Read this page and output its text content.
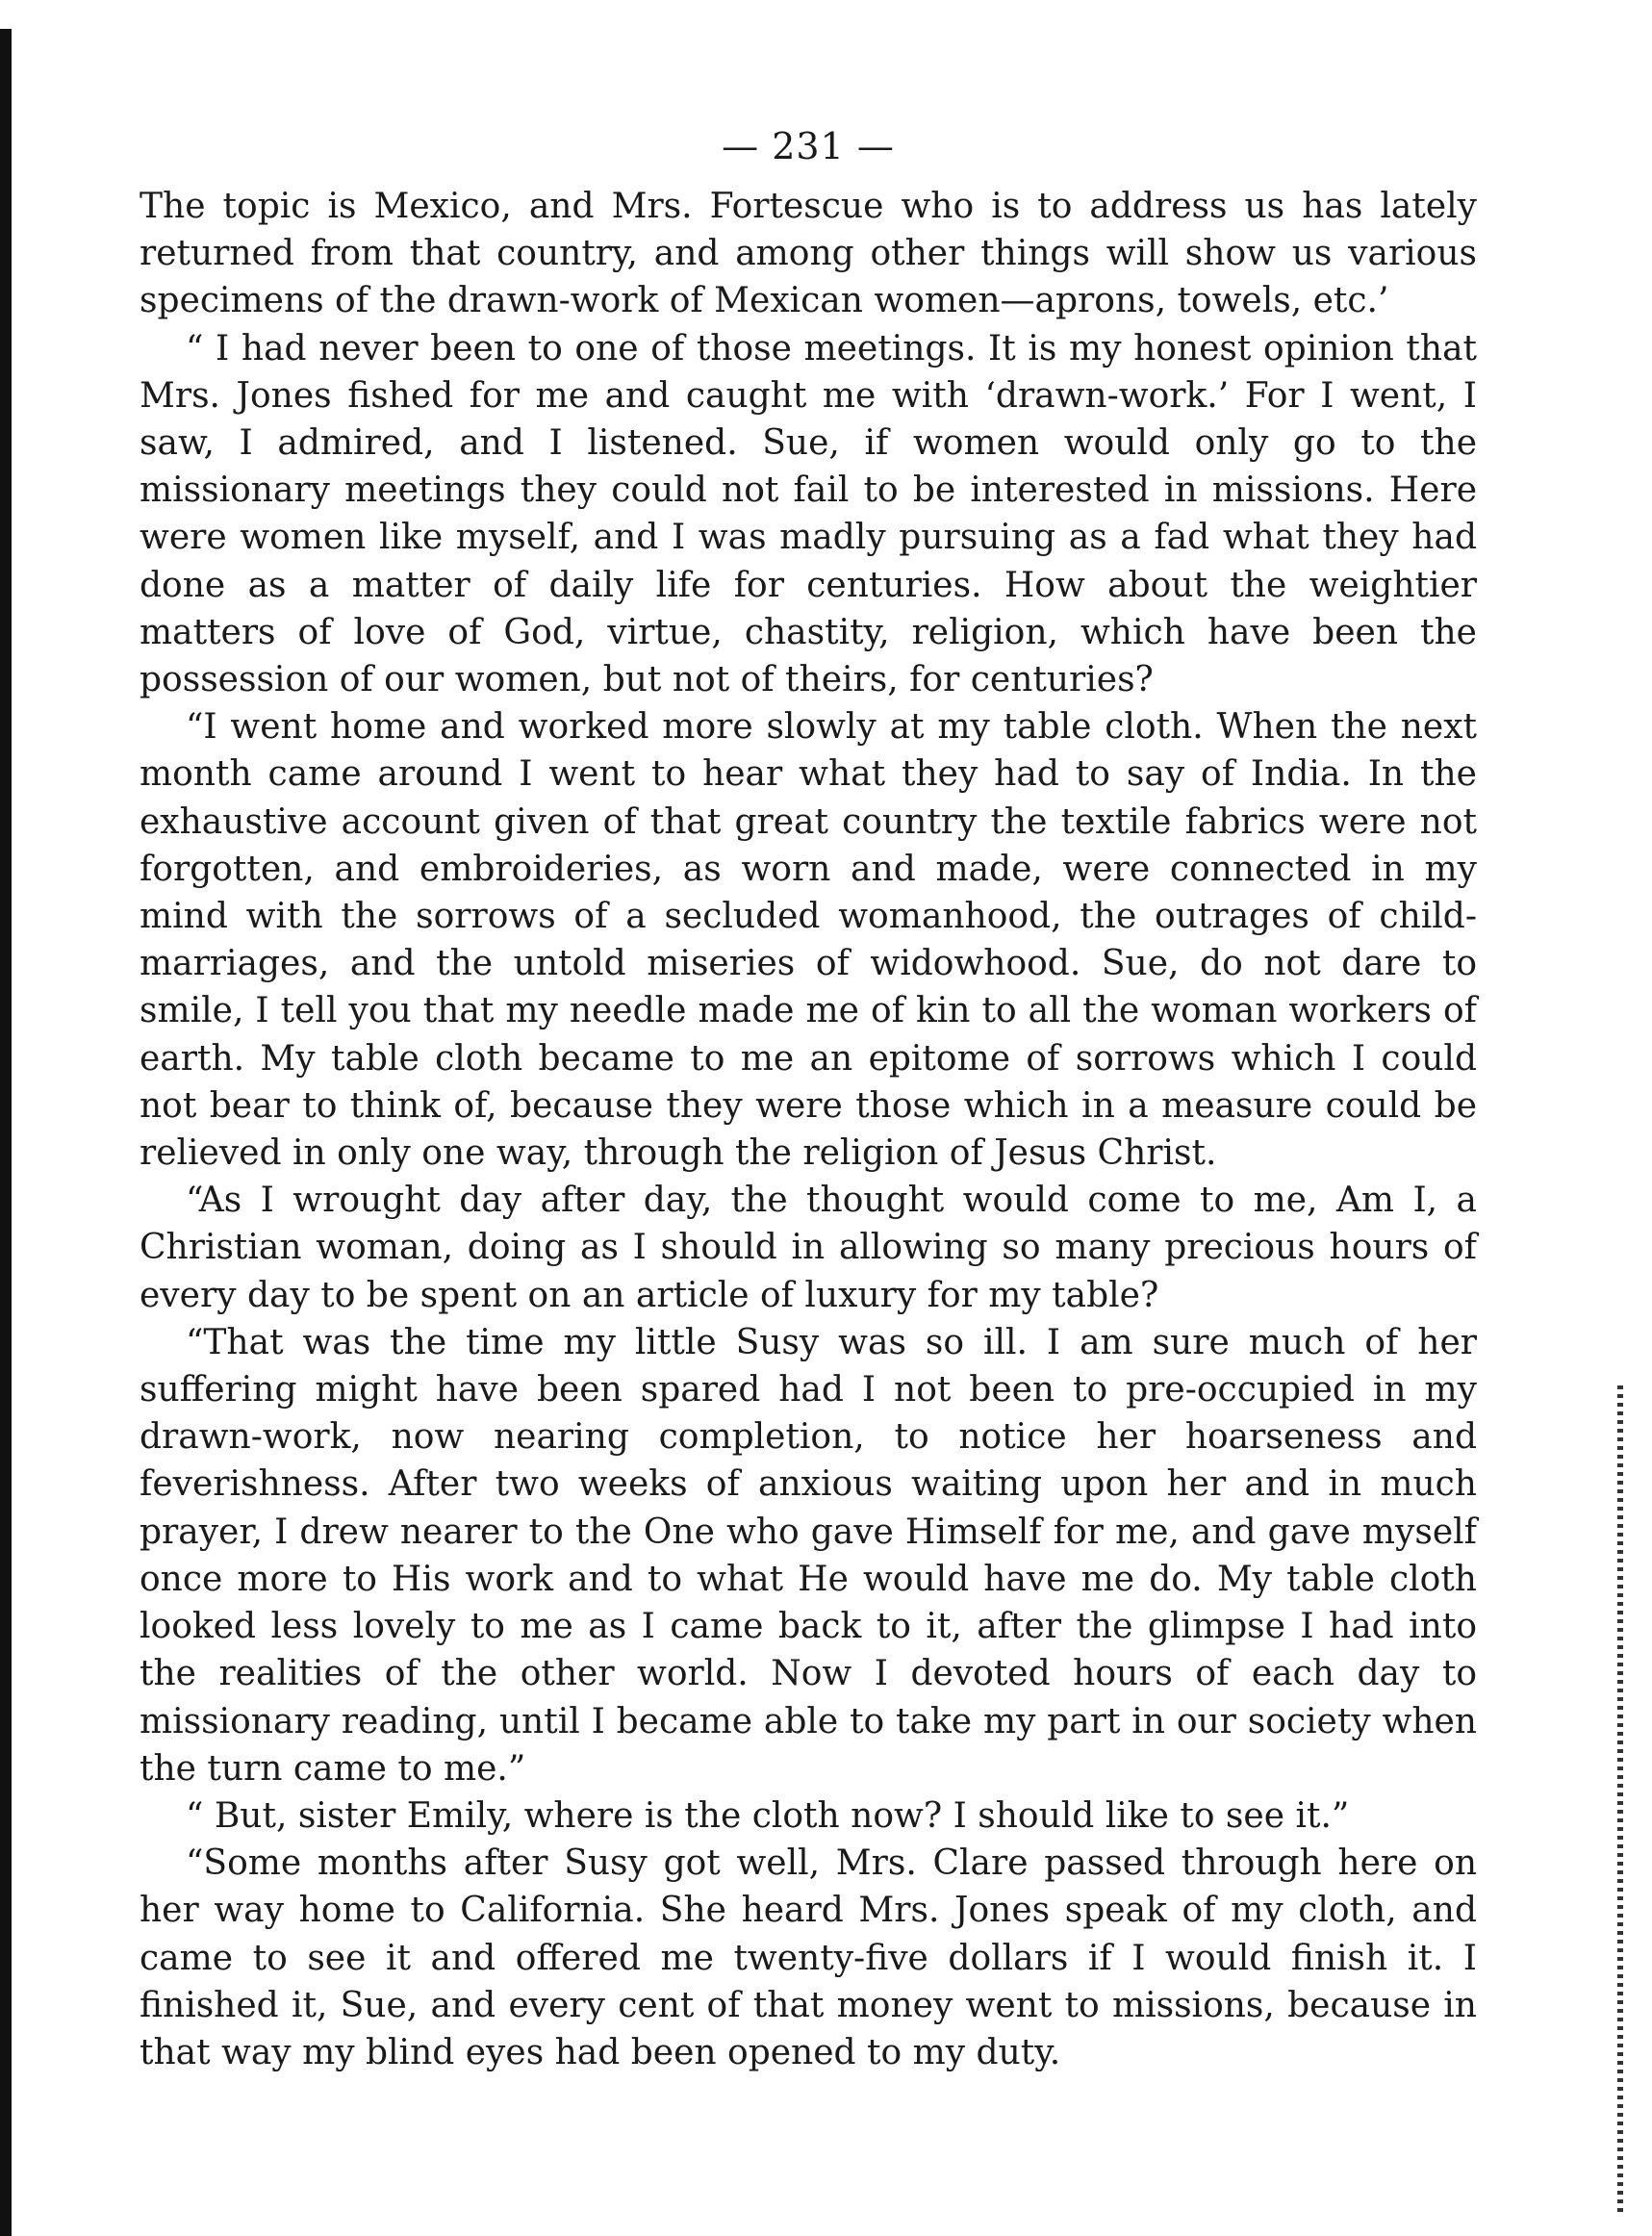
— 231 —

The topic is Mexico, and Mrs. Fortescue who is to address us has lately returned from that country, and among other things will show us various specimens of the drawn-work of Mexican women—aprons, towels, etc.’

“ I had never been to one of those meetings. It is my honest opinion that Mrs. Jones fished for me and caught me with ‘drawn-work.’ For I went, I saw, I admired, and I listened. Sue, if women would only go to the missionary meetings they could not fail to be interested in missions. Here were women like myself, and I was madly pursuing as a fad what they had done as a matter of daily life for centuries. How about the weightier matters of love of God, virtue, chastity, religion, which have been the possession of our women, but not of theirs, for centuries?

“I went home and worked more slowly at my table cloth. When the next month came around I went to hear what they had to say of India. In the exhaustive account given of that great country the textile fabrics were not forgotten, and embroideries, as worn and made, were connected in my mind with the sorrows of a secluded womanhood, the outrages of child-marriages, and the untold miseries of widowhood. Sue, do not dare to smile, I tell you that my needle made me of kin to all the woman workers of earth. My table cloth became to me an epitome of sorrows which I could not bear to think of, because they were those which in a measure could be relieved in only one way, through the religion of Jesus Christ.

“As I wrought day after day, the thought would come to me, Am I, a Christian woman, doing as I should in allowing so many precious hours of every day to be spent on an article of luxury for my table?

“That was the time my little Susy was so ill. I am sure much of her suffering might have been spared had I not been to pre-occupied in my drawn-work, now nearing completion, to notice her hoarseness and feverishness. After two weeks of anxious waiting upon her and in much prayer, I drew nearer to the One who gave Himself for me, and gave myself once more to His work and to what He would have me do. My table cloth looked less lovely to me as I came back to it, after the glimpse I had into the realities of the other world. Now I devoted hours of each day to missionary reading, until I became able to take my part in our society when the turn came to me.”

“ But, sister Emily, where is the cloth now? I should like to see it.”

“Some months after Susy got well, Mrs. Clare passed through here on her way home to California. She heard Mrs. Jones speak of my cloth, and came to see it and offered me twenty-five dollars if I would finish it. I finished it, Sue, and every cent of that money went to missions, because in that way my blind eyes had been opened to my duty.
